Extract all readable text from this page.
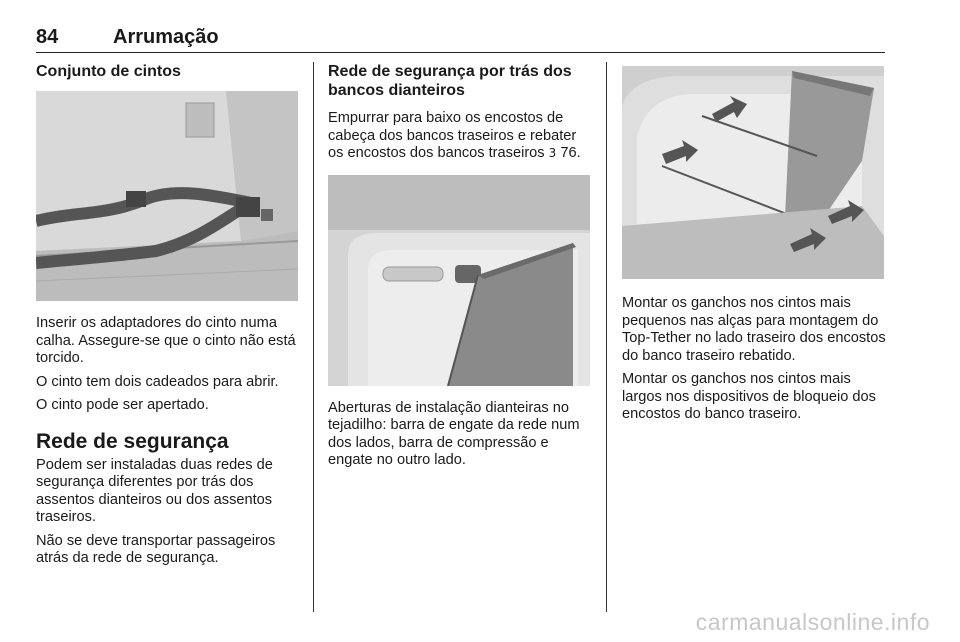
84	Arrumação
Conjunto de cintos

Inserir os adaptadores do cinto numa calha. Assegure-se que o cinto não está torcido.

O cinto tem dois cadeados para abrir.

O cinto pode ser apertado.

Rede de segurança

Podem ser instaladas duas redes de segurança diferentes por trás dos assentos dianteiros ou dos assentos traseiros.

Não se deve transportar passageiros atrás da rede de segurança.

Rede de segurança por trás dos bancos dianteiros

Empurrar para baixo os encostos de cabeça dos bancos traseiros e rebater os encostos dos bancos traseiros 3 76.

Aberturas de instalação dianteiras no tejadilho: barra de engate da rede num dos lados, barra de compressão e engate no outro lado.

Montar os ganchos nos cintos mais pequenos nas alças para montagem do Top-Tether no lado traseiro dos encostos do banco traseiro rebatido.

Montar os ganchos nos cintos mais largos nos dispositivos de bloqueio dos encostos do banco traseiro.

carmanualsonline.info
